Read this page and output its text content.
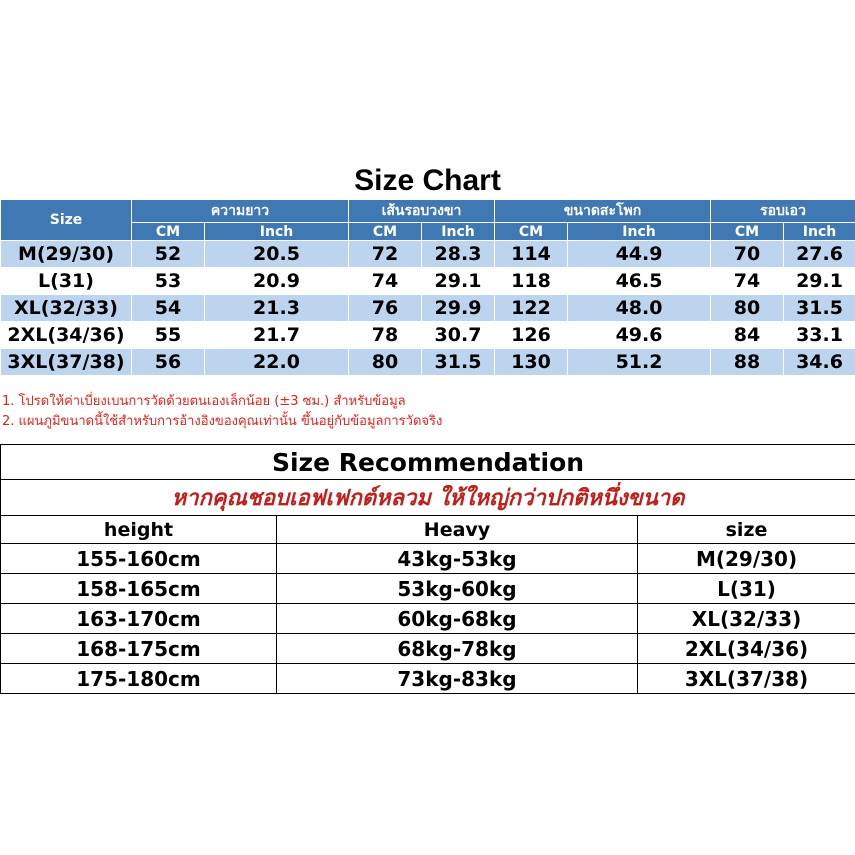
Size Chart
Size	ความยาว		เส้นรอบวงขา		ขนาดสะโพก		รอบเอว	
	CM	Inch	CM	Inch	CM	Inch	CM	Inch
M(29/30)	52	20.5	72	28.3	114	44.9	70	27.6
L(31)	53	20.9	74	29.1	118	46.5	74	29.1
XL(32/33)	54	21.3	76	29.9	122	48.0	80	31.5
2XL(34/36)	55	21.7	78	30.7	126	49.6	84	33.1
3XL(37/38)	56	22.0	80	31.5	130	51.2	88	34.6
1. โปรดให้ค่าเบี่ยงเบนการวัดด้วยตนเองเล็กน้อย (±3 ซม.) สำหรับข้อมูล
2. แผนภูมิขนาดนี้ใช้สำหรับการอ้างอิงของคุณเท่านั้น ขึ้นอยู่กับข้อมูลการวัดจริง
Size Recommendation		
หากคุณชอบเอฟเฟกต์หลวม ให้ใหญ่กว่าปกติหนึ่งขนาด		
height	Heavy	size
155-160cm	43kg-53kg	M(29/30)
158-165cm	53kg-60kg	L(31)
163-170cm	60kg-68kg	XL(32/33)
168-175cm	68kg-78kg	2XL(34/36)
175-180cm	73kg-83kg	3XL(37/38)
